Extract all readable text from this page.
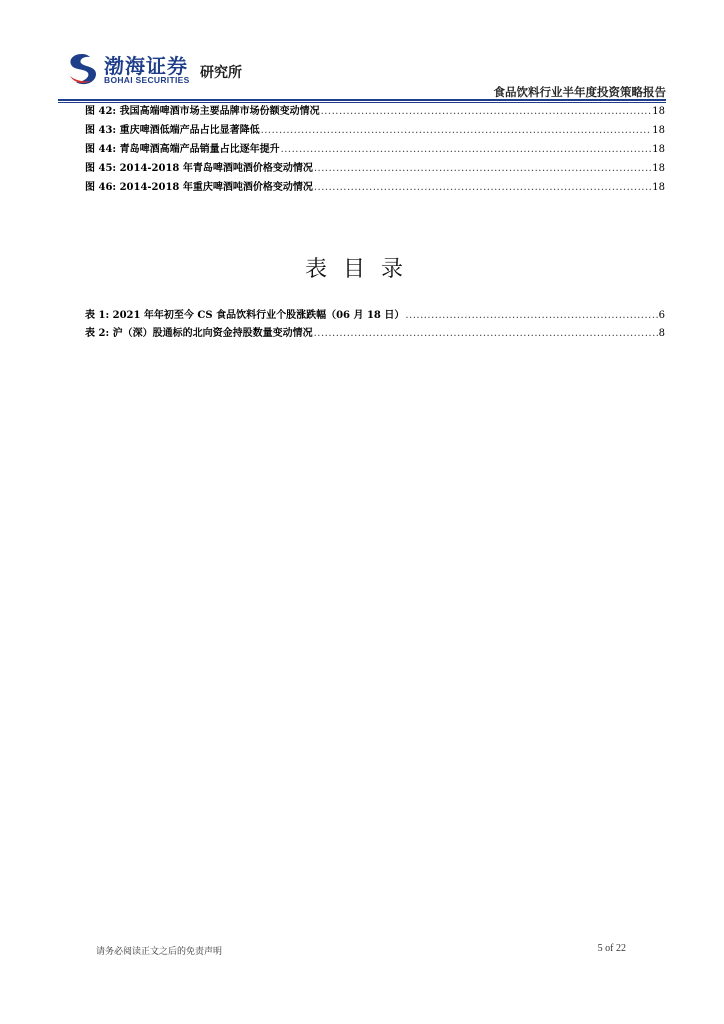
渤海证券
BOHAI SECURITIES 研究所
食品饮料行业半年度投资策略报告
图 42: 我国高端啤酒市场主要品牌市场份额变动情况 .....	18
图 43: 重庆啤酒低端产品占比显著降低 .....	18
图 44: 青岛啤酒高端产品销量占比逐年提升 .....	18
图 45: 2014-2018 年青岛啤酒吨酒价格变动情况 .....	18
图 46: 2014-2018 年重庆啤酒吨酒价格变动情况 .....	18
表目录
表 1: 2021 年年初至今 CS 食品饮料行业个股涨跌幅（06 月 18 日） .....	6
表 2: 沪（深）股通标的北向资金持股数量变动情况 .....	8
请务必阅读正文之后的免责声明	5 of 22
